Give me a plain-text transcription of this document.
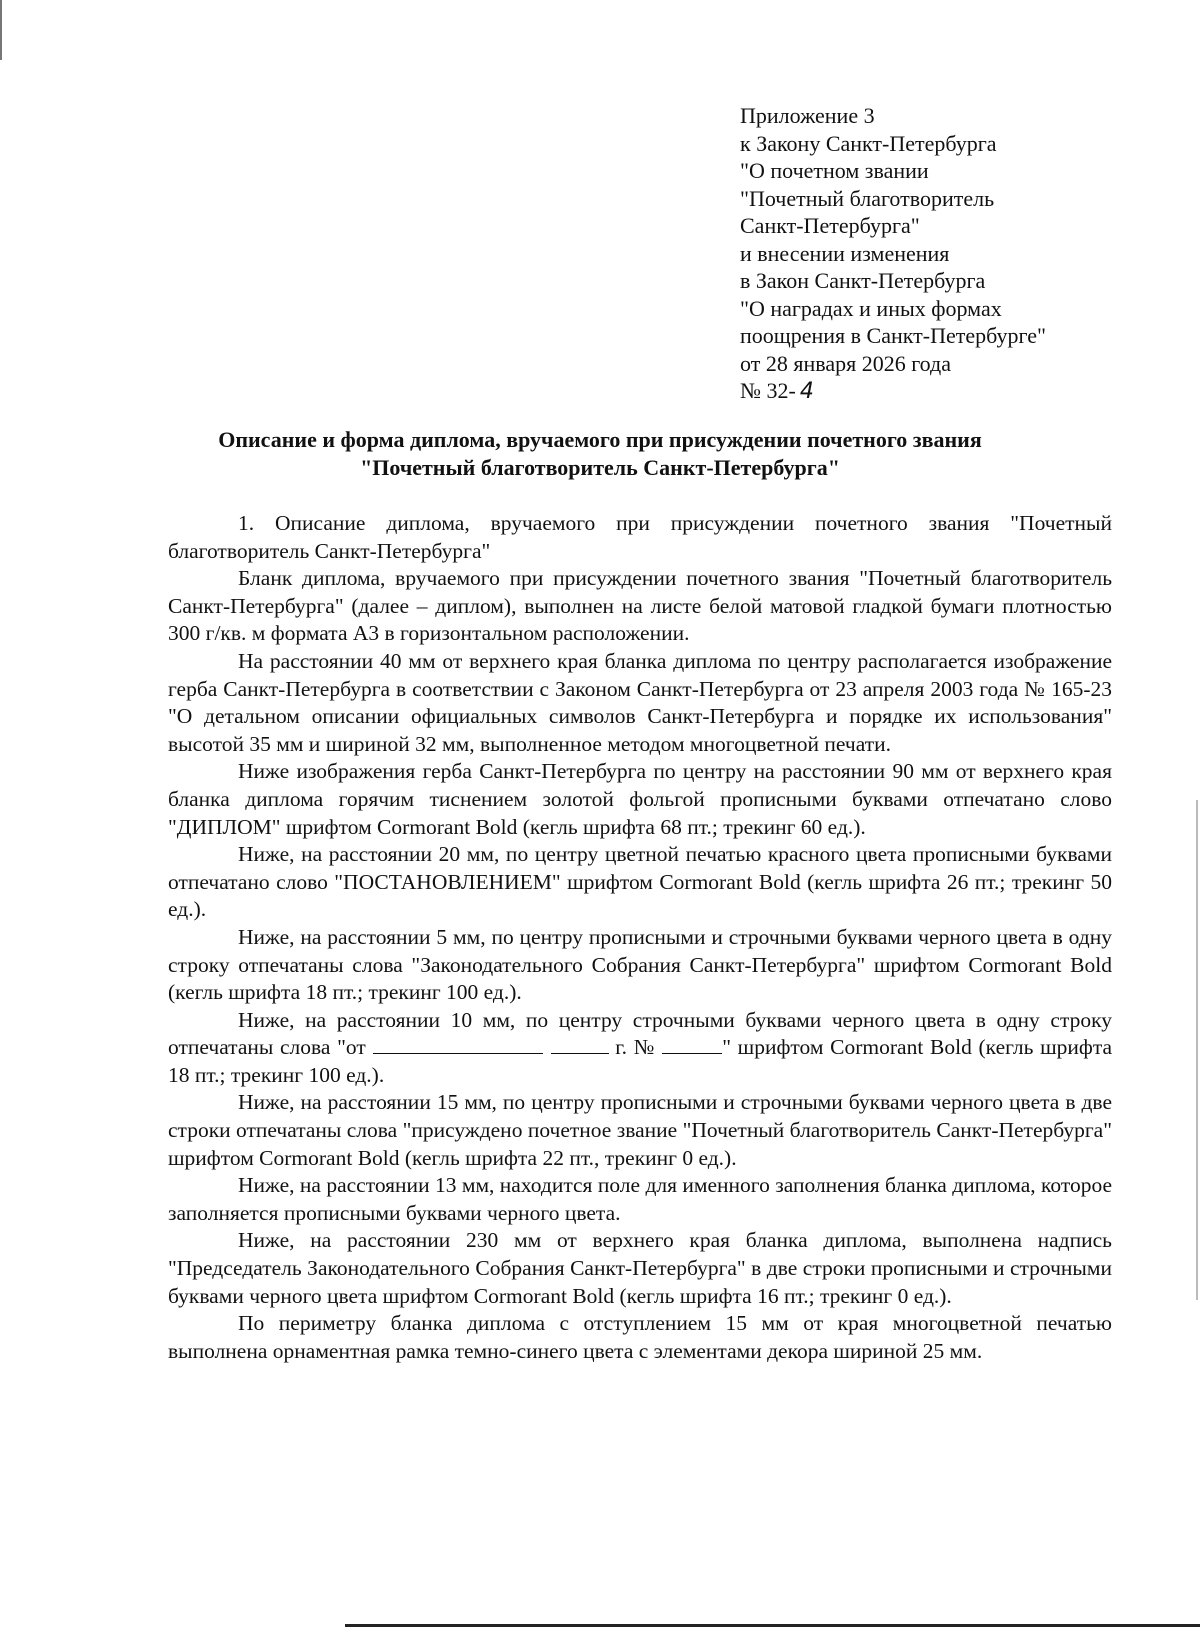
Приложение 3
к Закону Санкт-Петербурга
"О почетном звании
"Почетный благотворитель
Санкт-Петербурга"
и внесении изменения
в Закон Санкт-Петербурга
"О наградах и иных формах
поощрения в Санкт-Петербурге"
от 28 января 2026 года
№ 32- 4
Описание и форма диплома, вручаемого при присуждении почетного звания
"Почетный благотворитель Санкт-Петербурга"

1. Описание диплома, вручаемого при присуждении почетного звания "Почетный благотворитель Санкт-Петербурга"

Бланк диплома, вручаемого при присуждении почетного звания "Почетный благотворитель Санкт-Петербурга" (далее – диплом), выполнен на листе белой матовой гладкой бумаги плотностью 300 г/кв. м формата А3 в горизонтальном расположении.

На расстоянии 40 мм от верхнего края бланка диплома по центру располагается изображение герба Санкт-Петербурга в соответствии с Законом Санкт-Петербурга от 23 апреля 2003 года № 165-23 "О детальном описании официальных символов Санкт-Петербурга и порядке их использования" высотой 35 мм и шириной 32 мм, выполненное методом многоцветной печати.

Ниже изображения герба Санкт-Петербурга по центру на расстоянии 90 мм от верхнего края бланка диплома горячим тиснением золотой фольгой прописными буквами отпечатано слово "ДИПЛОМ" шрифтом Cormorant Bold (кегль шрифта 68 пт.; трекинг 60 ед.).

Ниже, на расстоянии 20 мм, по центру цветной печатью красного цвета прописными буквами отпечатано слово "ПОСТАНОВЛЕНИЕМ" шрифтом Cormorant Bold (кегль шрифта 26 пт.; трекинг 50 ед.).

Ниже, на расстоянии 5 мм, по центру прописными и строчными буквами черного цвета в одну строку отпечатаны слова "Законодательного Собрания Санкт-Петербурга" шрифтом Cormorant Bold (кегль шрифта 18 пт.; трекинг 100 ед.).

Ниже, на расстоянии 10 мм, по центру строчными буквами черного цвета в одну строку отпечатаны слова "от	г. №	" шрифтом Cormorant Bold (кегль шрифта 18 пт.; трекинг 100 ед.).

Ниже, на расстоянии 15 мм, по центру прописными и строчными буквами черного цвета в две строки отпечатаны слова "присуждено почетное звание "Почетный благотворитель Санкт-Петербурга" шрифтом Cormorant Bold (кегль шрифта 22 пт., трекинг 0 ед.).

Ниже, на расстоянии 13 мм, находится поле для именного заполнения бланка диплома, которое заполняется прописными буквами черного цвета.

Ниже, на расстоянии 230 мм от верхнего края бланка диплома, выполнена надпись "Председатель Законодательного Собрания Санкт-Петербурга" в две строки прописными и строчными буквами черного цвета шрифтом Cormorant Bold (кегль шрифта 16 пт.; трекинг 0 ед.).

По периметру бланка диплома с отступлением 15 мм от края многоцветной печатью выполнена орнаментная рамка темно-синего цвета с элементами декора шириной 25 мм.
